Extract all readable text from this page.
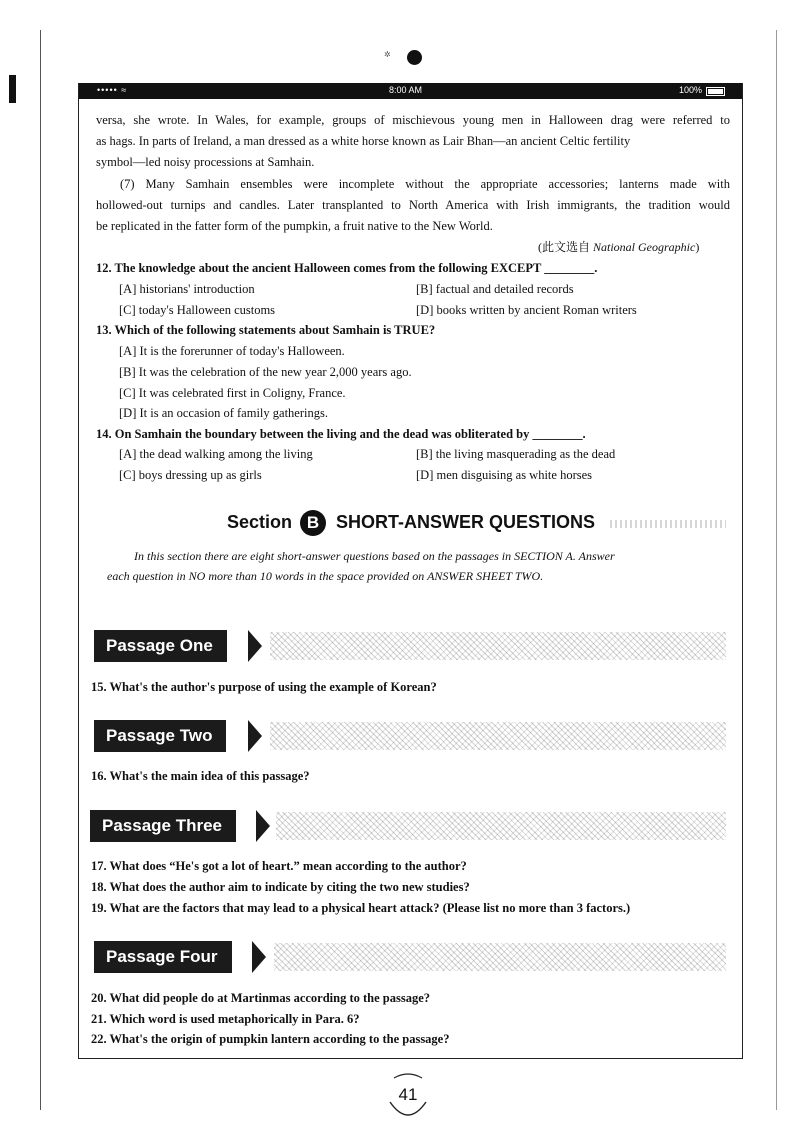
✲
••••• ≈	8:00 AM	100%
versa, she wrote. In Wales, for example, groups of mischievous young men in Halloween drag were referred to
as hags. In parts of Ireland, a man dressed as a white horse known as Lair Bhan—an ancient Celtic fertility
symbol—led noisy processions at Samhain.
(7) Many Samhain ensembles were incomplete without the appropriate accessories; lanterns made with
hollowed-out turnips and candles. Later transplanted to North America with Irish immigrants, the tradition would
be replicated in the fatter form of the pumpkin, a fruit native to the New World.
(此文选自 National Geographic)
12. The knowledge about the ancient Halloween comes from the following EXCEPT ________.
[A] historians' introduction	[B] factual and detailed records
[C] today's Halloween customs	[D] books written by ancient Roman writers
13. Which of the following statements about Samhain is TRUE?
[A] It is the forerunner of today's Halloween.
[B] It was the celebration of the new year 2,000 years ago.
[C] It was celebrated first in Coligny, France.
[D] It is an occasion of family gatherings.
14. On Samhain the boundary between the living and the dead was obliterated by ________.
[A] the dead walking among the living	[B] the living masquerading as the dead
[C] boys dressing up as girls	[D] men disguising as white horses
Section B SHORT-ANSWER QUESTIONS
In this section there are eight short-answer questions based on the passages in SECTION A. Answer
each question in NO more than 10 words in the space provided on ANSWER SHEET TWO.
Passage One
15. What's the author's purpose of using the example of Korean?
Passage Two
16. What's the main idea of this passage?
Passage Three
17. What does “He's got a lot of heart.” mean according to the author?
18. What does the author aim to indicate by citing the two new studies?
19. What are the factors that may lead to a physical heart attack? (Please list no more than 3 factors.)
Passage Four
20. What did people do at Martinmas according to the passage?
21. Which word is used metaphorically in Para. 6?
22. What's the origin of pumpkin lantern according to the passage?
41
